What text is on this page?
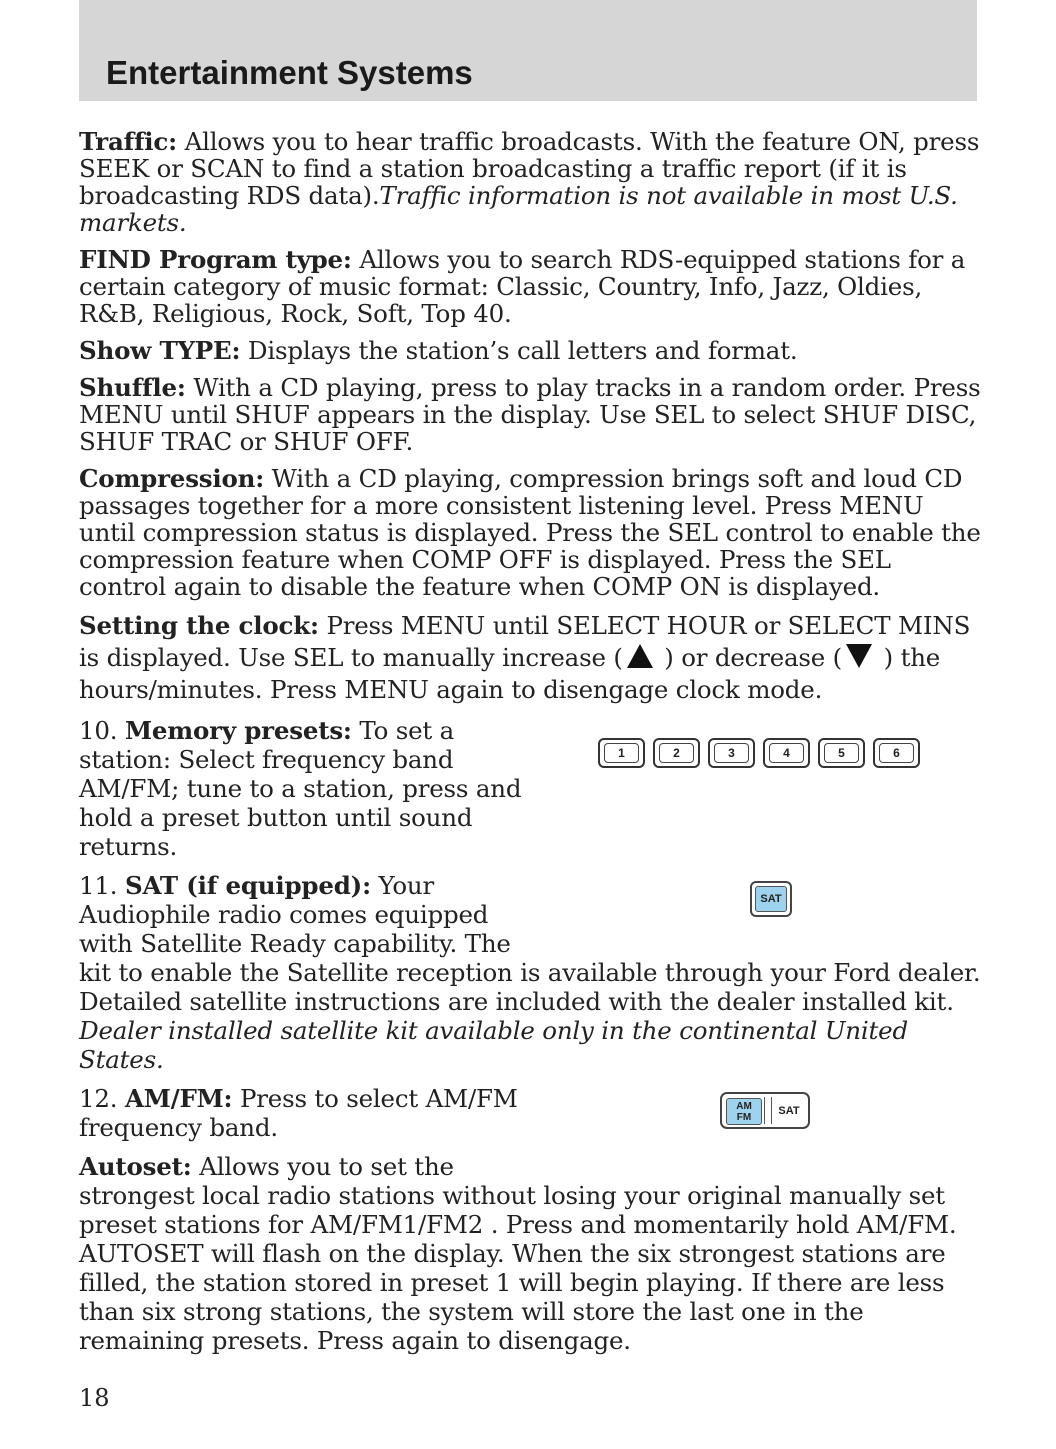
Entertainment Systems

Traffic: Allows you to hear traffic broadcasts. With the feature ON, press SEEK or SCAN to find a station broadcasting a traffic report (if it is broadcasting RDS data).Traffic information is not available in most U.S. markets.

FIND Program type: Allows you to search RDS-equipped stations for a certain category of music format: Classic, Country, Info, Jazz, Oldies, R&B, Religious, Rock, Soft, Top 40.

Show TYPE: Displays the station’s call letters and format.

Shuffle: With a CD playing, press to play tracks in a random order. Press MENU until SHUF appears in the display. Use SEL to select SHUF DISC, SHUF TRAC or SHUF OFF.

Compression: With a CD playing, compression brings soft and loud CD passages together for a more consistent listening level. Press MENU until compression status is displayed. Press the SEL control to enable the compression feature when COMP OFF is displayed. Press the SEL control again to disable the feature when COMP ON is displayed.

Setting the clock: Press MENU until SELECT HOUR or SELECT MINS is displayed. Use SEL to manually increase ( ) or decrease ( ) the hours/minutes. Press MENU again to disengage clock mode.

10. Memory presets: To set a station: Select frequency band AM/FM; tune to a station, press and hold a preset button until sound returns.

11. SAT (if equipped): Your Audiophile radio comes equipped with Satellite Ready capability. The
kit to enable the Satellite reception is available through your Ford dealer. Detailed satellite instructions are included with the dealer installed kit. Dealer installed satellite kit available only in the continental United States.

12. AM/FM: Press to select AM/FM frequency band.

Autoset: Allows you to set the
strongest local radio stations without losing your original manually set preset stations for AM/FM1/FM2 . Press and momentarily hold AM/FM. AUTOSET will flash on the display. When the six strongest stations are filled, the station stored in preset 1 will begin playing. If there are less than six strong stations, the system will store the last one in the remaining presets. Press again to disengage.

1	2	3	4	5	6
SAT
AM
FM
SAT
18
